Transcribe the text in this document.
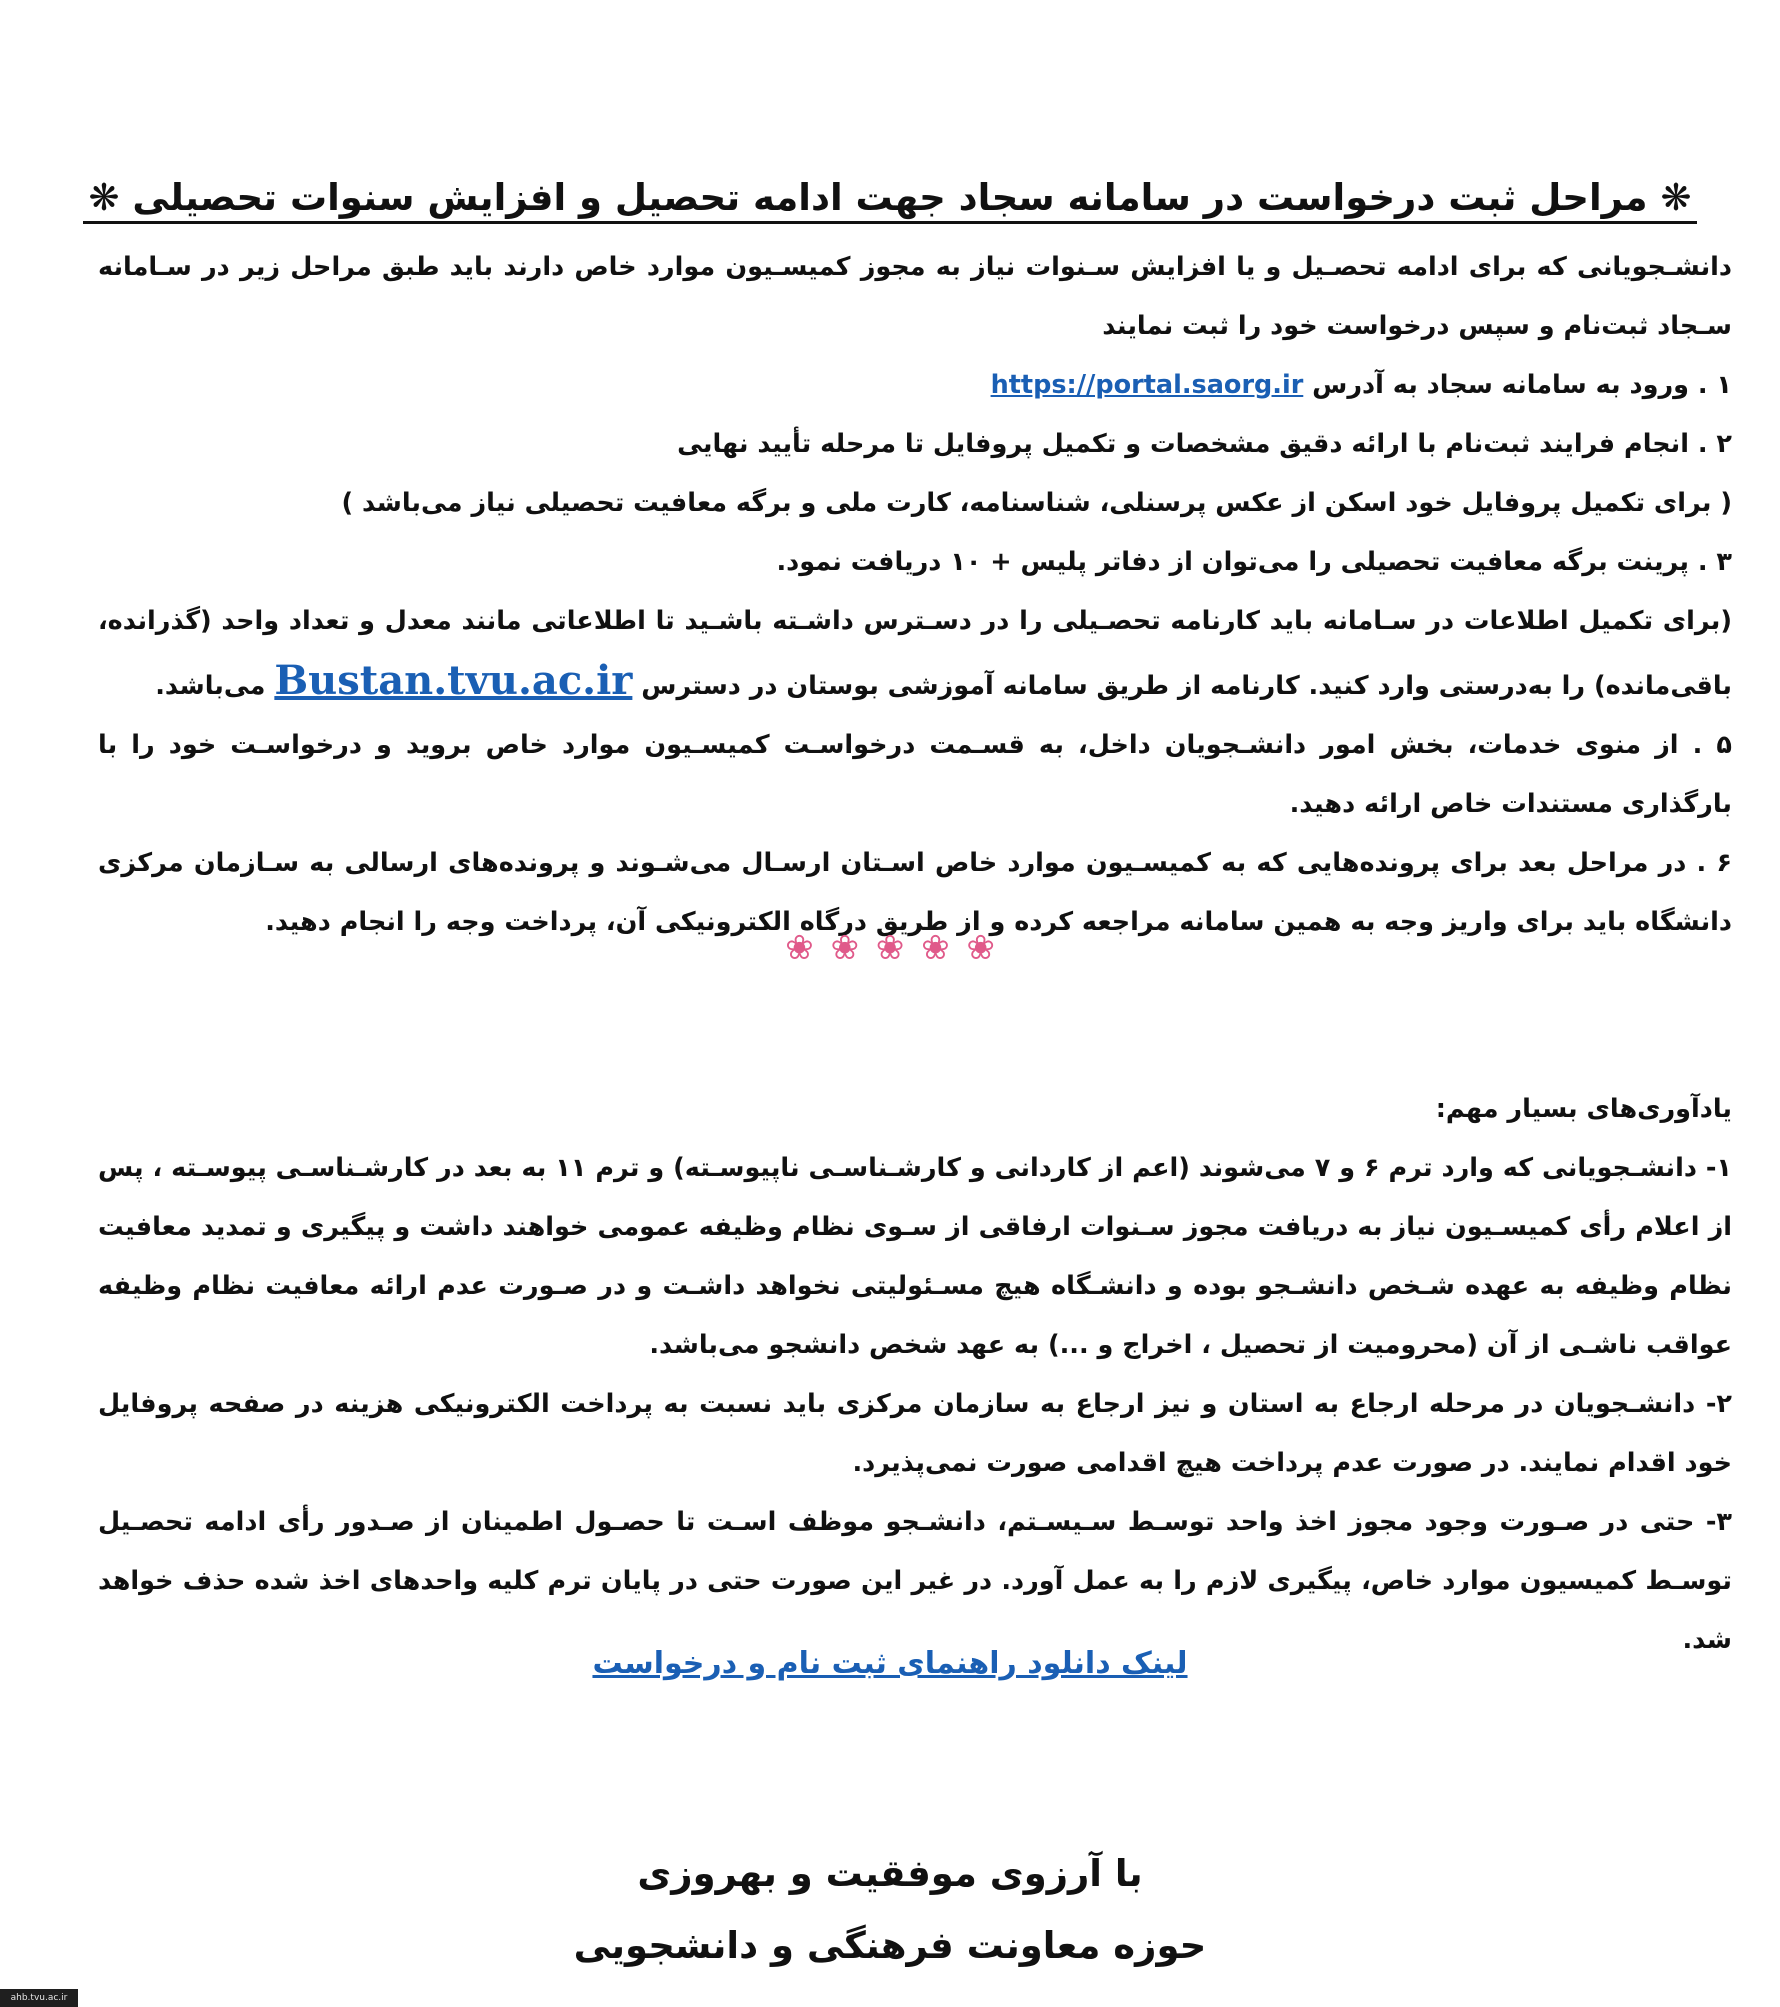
❋ مراحل ثبت درخواست در سامانه سجاد جهت ادامه تحصیل و افزایش سنوات تحصیلی ❋

دانشـجویانی که برای ادامه تحصـیل و یا افزایش سـنوات نیاز به مجوز کمیسـیون موارد خاص دارند باید طبق مراحل زیر در سـامانه سـجاد ثبت‌نام و سپس درخواست خود را ثبت نمایند

۱ . ورود به سامانه سجاد به آدرس https://portal.saorg.ir

۲ . انجام فرایند ثبت‌نام با ارائه دقیق مشخصات و تکمیل پروفایل تا مرحله تأیید نهایی

( برای تکمیل پروفایل خود اسکن از عکس پرسنلی، شناسنامه، کارت ملی و برگه معافیت تحصیلی نیاز می‌باشد )

۳ . پرینت برگه معافیت تحصیلی را می‌توان از دفاتر پلیس + ۱۰ دریافت نمود.

(برای تکمیل اطلاعات در سـامانه باید کارنامه تحصـیلی را در دسـترس داشـته باشـید تا اطلاعاتی مانند معدل و تعداد واحد (گذرانده، باقی‌مانده) را به‌درستی وارد کنید. کارنامه از طریق سامانه آموزشی بوستان در دسترس Bustan.tvu.ac.ir می‌باشد.

۵ . از منوی خدمات، بخش امور دانشـجویان داخل، به قسـمت درخواسـت کمیسـیون موارد خاص بروید و درخواسـت خود را با بارگذاری مستندات خاص ارائه دهید.

۶ . در مراحل بعد برای پرونده‌هایی که به کمیسـیون موارد خاص اسـتان ارسـال می‌شـوند و پرونده‌های ارسالی به سـازمان مرکزی دانشگاه باید برای واریز وجه به همین سامانه مراجعه کرده و از طریق درگاه الکترونیکی آن، پرداخت وجه را انجام دهید.

❀ ❀ ❀ ❀ ❀

یادآوری‌های بسیار مهم:

۱- دانشـجویانی که وارد ترم ۶ و ۷ می‌شوند (اعم از کاردانی و کارشـناسـی ناپیوسـته) و ترم ۱۱ به بعد در کارشـناسـی پیوسـته ، پس از اعلام رأی کمیسـیون نیاز به دریافت مجوز سـنوات ارفاقی از سـوی نظام وظیفه عمومی خواهند داشت و پیگیری و تمدید معافیت نظام وظیفه به عهده شـخص دانشـجو بوده و دانشـگاه هیچ مسـئولیتی نخواهد داشـت و در صـورت عدم ارائه معافیت نظام وظیفه عواقب ناشـی از آن (محرومیت از تحصیل ، اخراج و ...) به عهد شخص دانشجو می‌باشد.

۲- دانشـجویان در مرحله ارجاع به استان و نیز ارجاع به سازمان مرکزی باید نسبت به پرداخت الکترونیکی هزینه در صفحه پروفایل خود اقدام نمایند. در صورت عدم پرداخت هیچ اقدامی صورت نمی‌پذیرد.

۳- حتی در صـورت وجود مجوز اخذ واحد توسـط سـیسـتم، دانشـجو موظف اسـت تا حصـول اطمینان از صـدور رأی ادامه تحصـیل توسـط کمیسیون موارد خاص، پیگیری لازم را به عمل آورد. در غیر این صورت حتی در پایان ترم کلیه واحدهای اخذ شده حذف خواهد شد.

لینک دانلود راهنمای ثبت نام و درخواست
با آرزوی موفقیت و بهروزی
حوزه معاونت فرهنگی و دانشجویی
ahb.tvu.ac.ir
